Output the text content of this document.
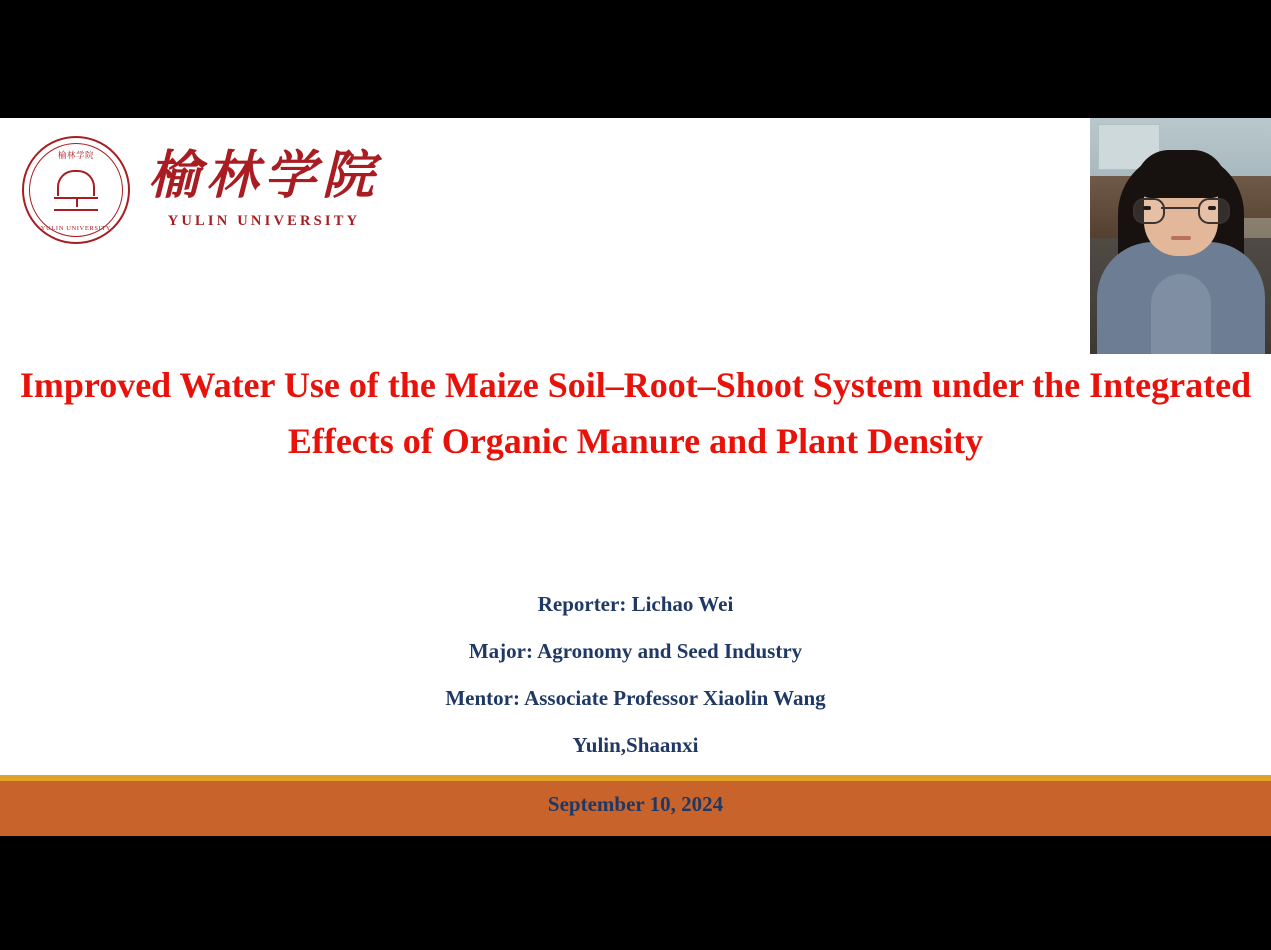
榆林学院
YULIN UNIVERSITY
榆林学院
YULIN UNIVERSITY
Improved Water Use of the Maize Soil–Root–Shoot System under the Integrated Effects of Organic Manure and Plant Density
Reporter: Lichao Wei
Major: Agronomy and Seed Industry
Mentor: Associate Professor Xiaolin Wang
Yulin,Shaanxi
September 10, 2024
